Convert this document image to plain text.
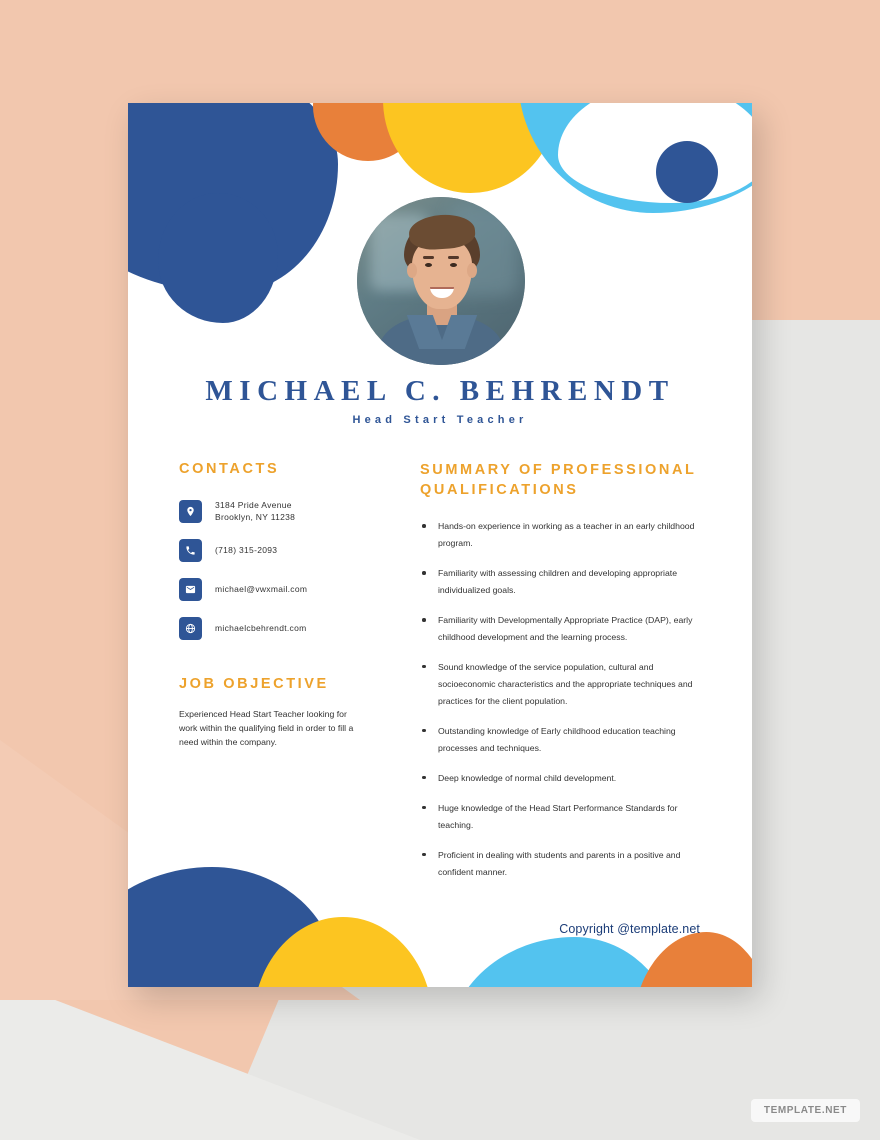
MICHAEL C. BEHRENDT
Head Start Teacher
CONTACTS
3184 Pride Avenue
Brooklyn, NY 11238
(718) 315-2093
michael@vwxmail.com
michaelcbehrendt.com
JOB OBJECTIVE
Experienced Head Start Teacher looking for work within the qualifying field in order to fill a need within the company.
SUMMARY OF PROFESSIONAL QUALIFICATIONS
Hands-on experience in working as a teacher in an early childhood program.
Familiarity with assessing children and developing appropriate individualized goals.
Familiarity with Developmentally Appropriate Practice (DAP), early childhood development and the learning process.
Sound knowledge of the service population, cultural and socioeconomic characteristics and the appropriate techniques and practices for the client population.
Outstanding knowledge of Early childhood education teaching processes and techniques.
Deep knowledge of normal child development.
Huge knowledge of the Head Start Performance Standards for teaching.
Proficient in dealing with students and parents in a positive and confident manner.
Copyright @template.net
TEMPLATE.NET
